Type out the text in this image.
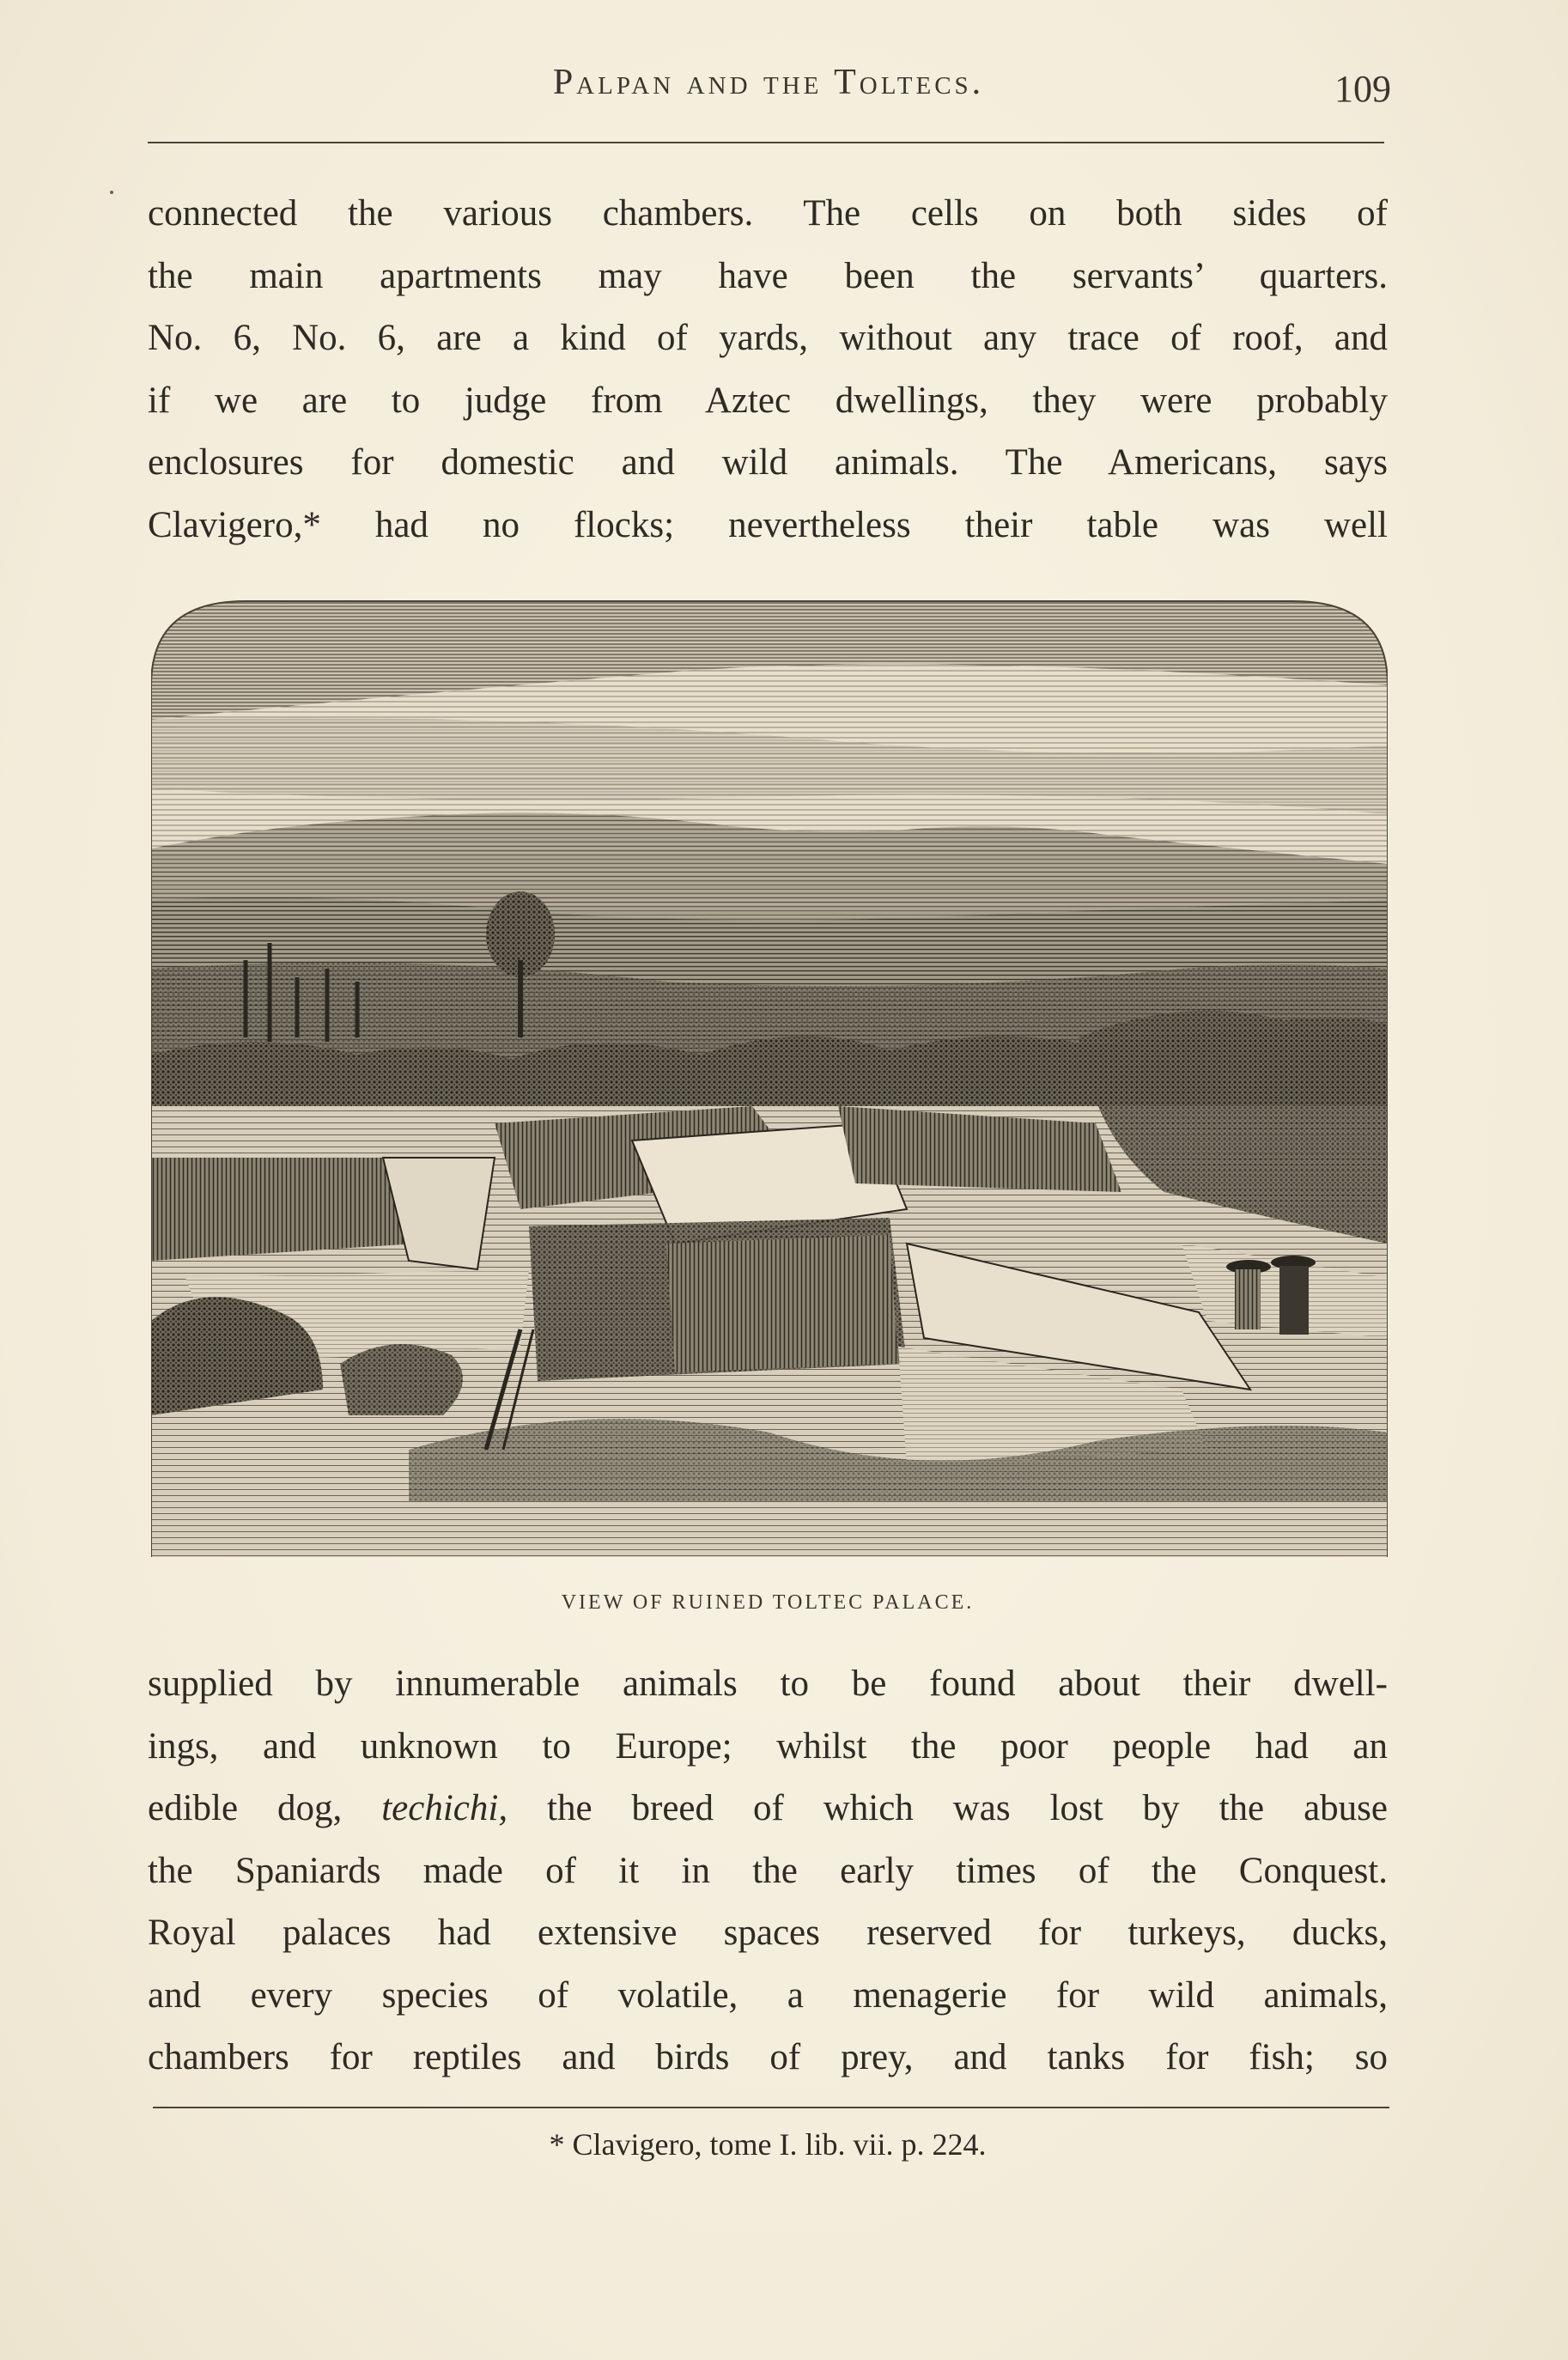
Palpan and the Toltecs.	109
connected the various chambers. The cells on both sides of
the main apartments may have been the servants’ quarters.
No. 6, No. 6, are a kind of yards, without any trace of roof, and
if we are to judge from Aztec dwellings, they were probably
enclosures for domestic and wild animals. The Americans, says
Clavigero,* had no flocks; nevertheless their table was well
VIEW OF RUINED TOLTEC PALACE.
supplied by innumerable animals to be found about their dwell-
ings, and unknown to Europe; whilst the poor people had an
edible dog, techichi, the breed of which was lost by the abuse
the Spaniards made of it in the early times of the Conquest.
Royal palaces had extensive spaces reserved for turkeys, ducks,
and every species of volatile, a menagerie for wild animals,
chambers for reptiles and birds of prey, and tanks for fish; so
* Clavigero, tome I. lib. vii. p. 224.
